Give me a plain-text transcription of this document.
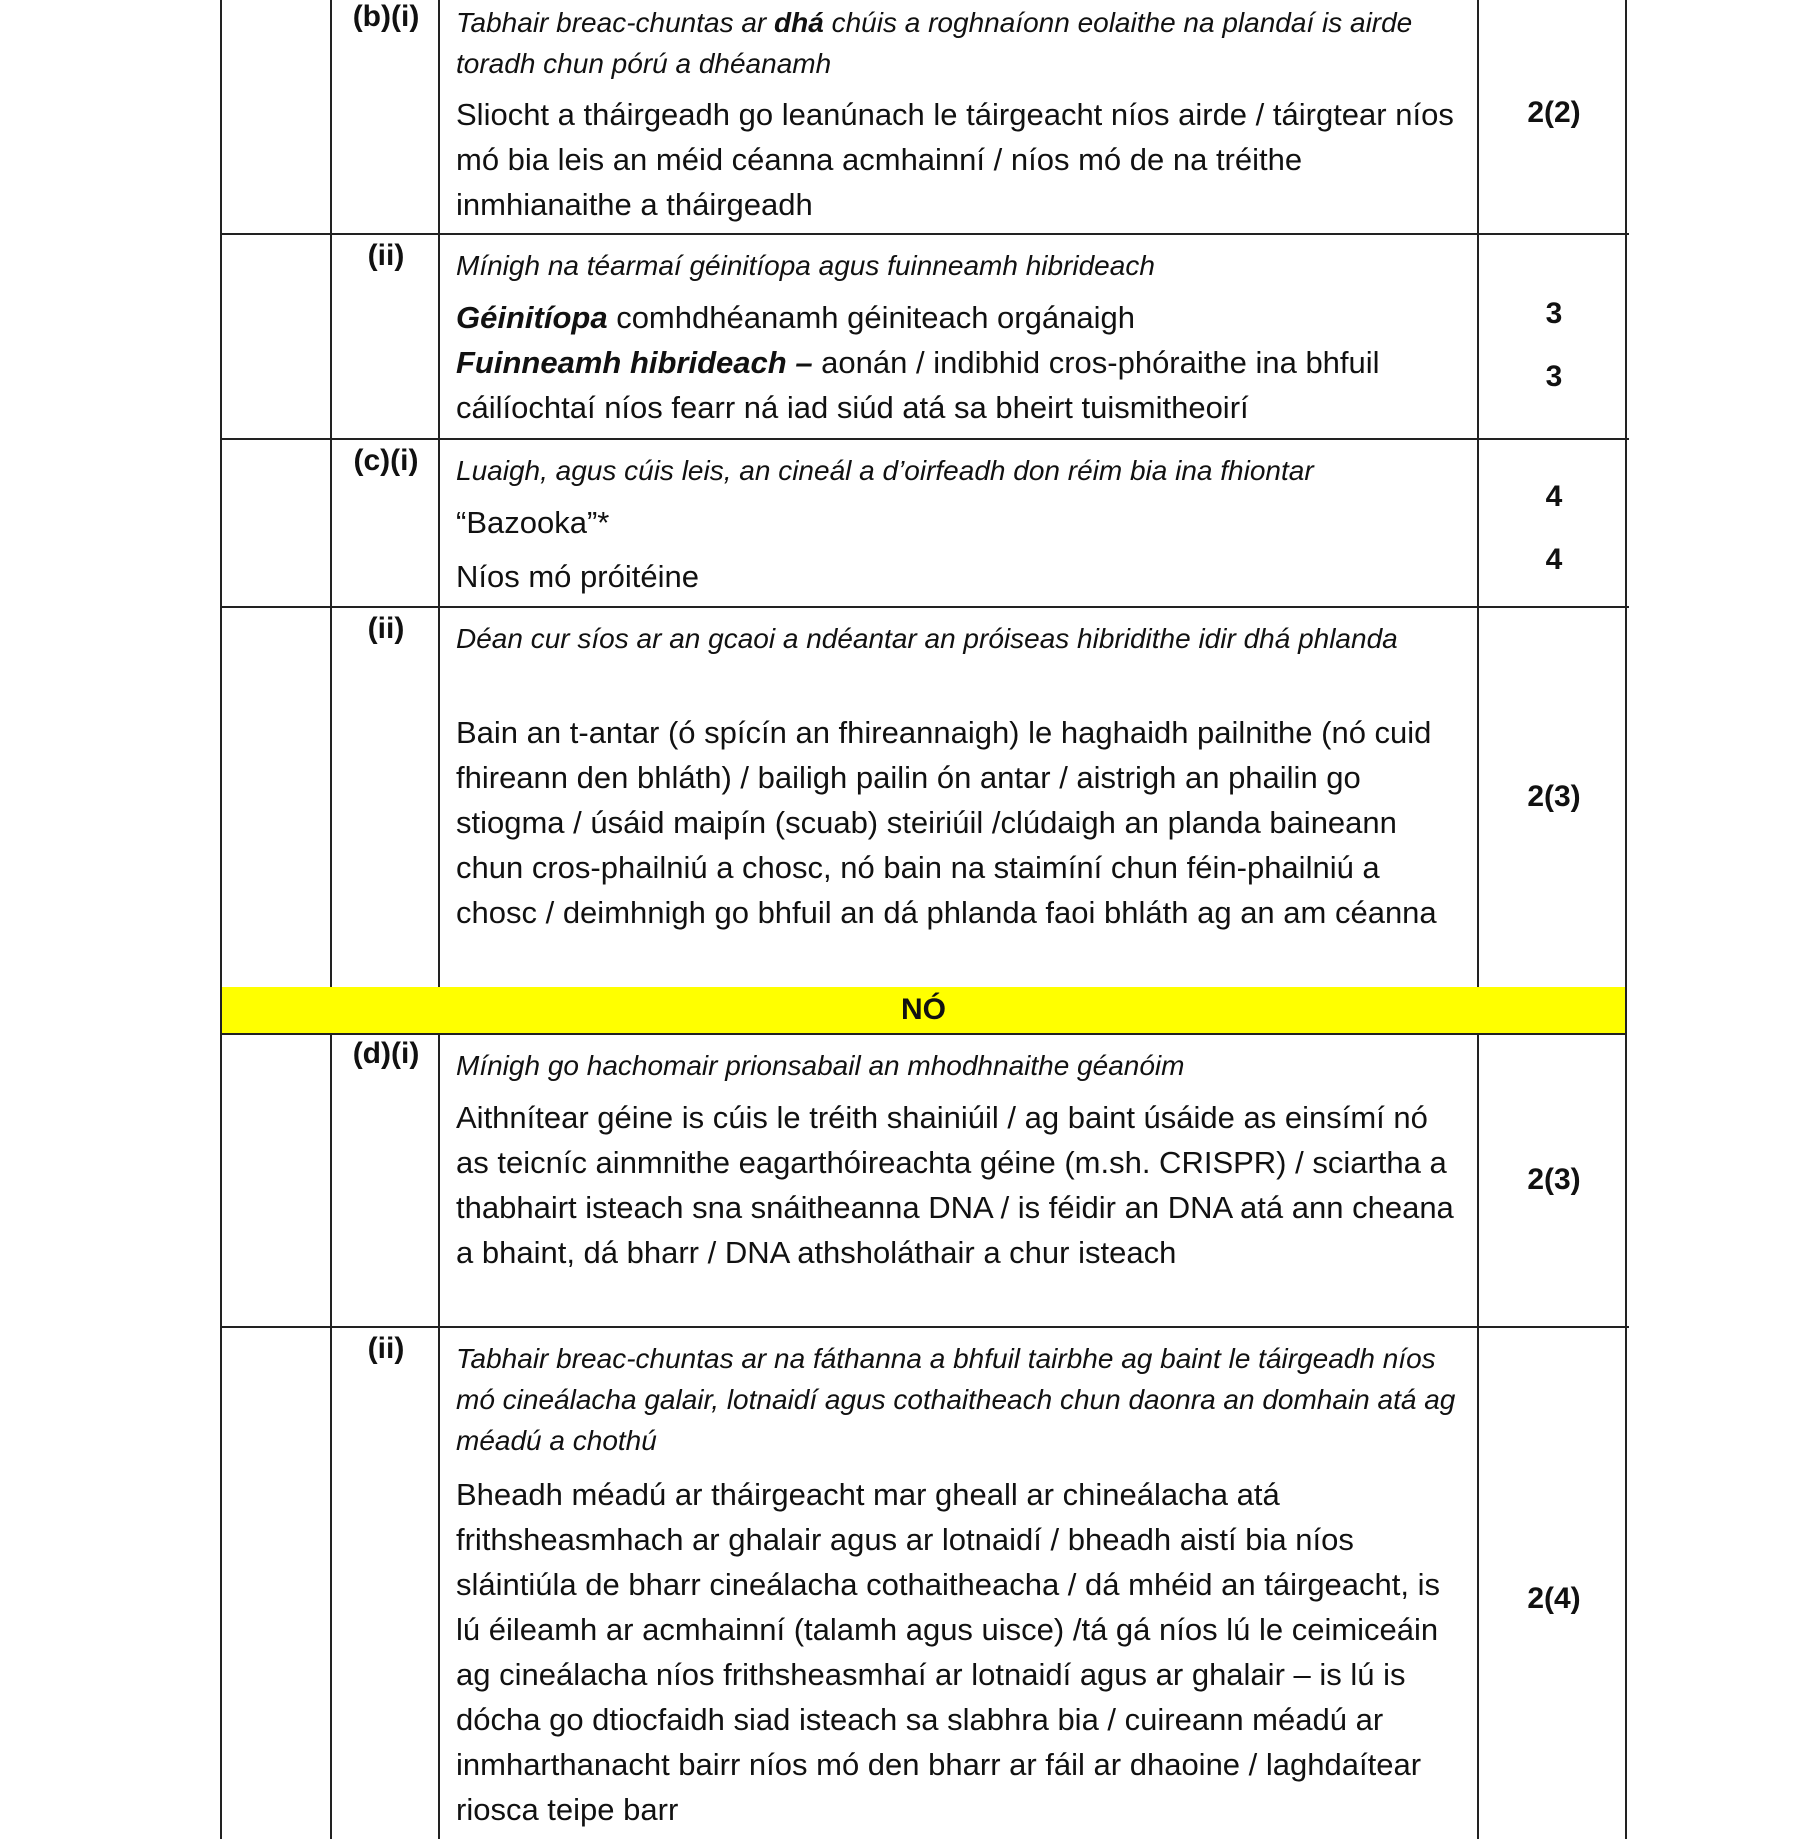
(b)(i)	Tabhair breac-chuntas ar dhá chúis a roghnaíonn eolaithe na plandaí is airde toradh chun pórú a dhéanamh
Sliocht a tháirgeadh go leanúnach le táirgeacht níos airde / táirgtear níos mó bia leis an méid céanna acmhainní / níos mó de na tréithe inmhianaithe a tháirgeadh
2(2)
(ii)	Mínigh na téarmaí géinitíopa agus fuinneamh hibrideach
Géinitíopa comhdhéanamh géiniteach orgánaigh
Fuinneamh hibrideach – aonán / indibhid cros-phóraithe ina bhfuil cáilíochtaí níos fearr ná iad siúd atá sa bheirt tuismitheoirí
3
3
(c)(i)	Luaigh, agus cúis leis, an cineál a d’oirfeadh don réim bia ina fhiontar
“Bazooka”*
Níos mó próitéine
4
4
(ii)	Déan cur síos ar an gcaoi a ndéantar an próiseas hibridithe idir dhá phlanda
Bain an t-antar (ó spícín an fhireannaigh) le haghaidh pailnithe (nó cuid fhireann den bhláth) / bailigh pailin ón antar / aistrigh an phailin go stiogma / úsáid maipín (scuab) steiriúil /clúdaigh an planda baineann chun cros-phailniú a chosc, nó bain na staimíní chun féin-phailniú a chosc / deimhnigh go bhfuil an dá phlanda faoi bhláth ag an am céanna
2(3)
(d)(i)	Mínigh go hachomair prionsabail an mhodhnaithe géanóim
Aithnítear géine is cúis le tréith shainiúil / ag baint úsáide as einsímí nó as teicníc ainmnithe eagarthóireachta géine (m.sh. CRISPR) / sciartha a thabhairt isteach sna snáitheanna DNA / is féidir an DNA atá ann cheana a bhaint, dá bharr / DNA athsholáthair a chur isteach
2(3)
(ii)	Tabhair breac-chuntas ar na fáthanna a bhfuil tairbhe ag baint le táirgeadh níos mó cineálacha galair, lotnaidí agus cothaitheach chun daonra an domhain atá ag méadú a chothú
Bheadh méadú ar tháirgeacht mar gheall ar chineálacha atá frithsheasmhach ar ghalair agus ar lotnaidí / bheadh aistí bia níos sláintiúla de bharr cineálacha cothaitheacha / dá mhéid an táirgeacht, is lú éileamh ar acmhainní (talamh agus uisce) /tá gá níos lú le ceimiceáin ag cineálacha níos frithsheasmhaí ar lotnaidí agus ar ghalair – is lú is dócha go dtiocfaidh siad isteach sa slabhra bia / cuireann méadú ar inmharthanacht bairr níos mó den bharr ar fáil ar dhaoine / laghdaítear riosca teipe barr
2(4)
NÓ
